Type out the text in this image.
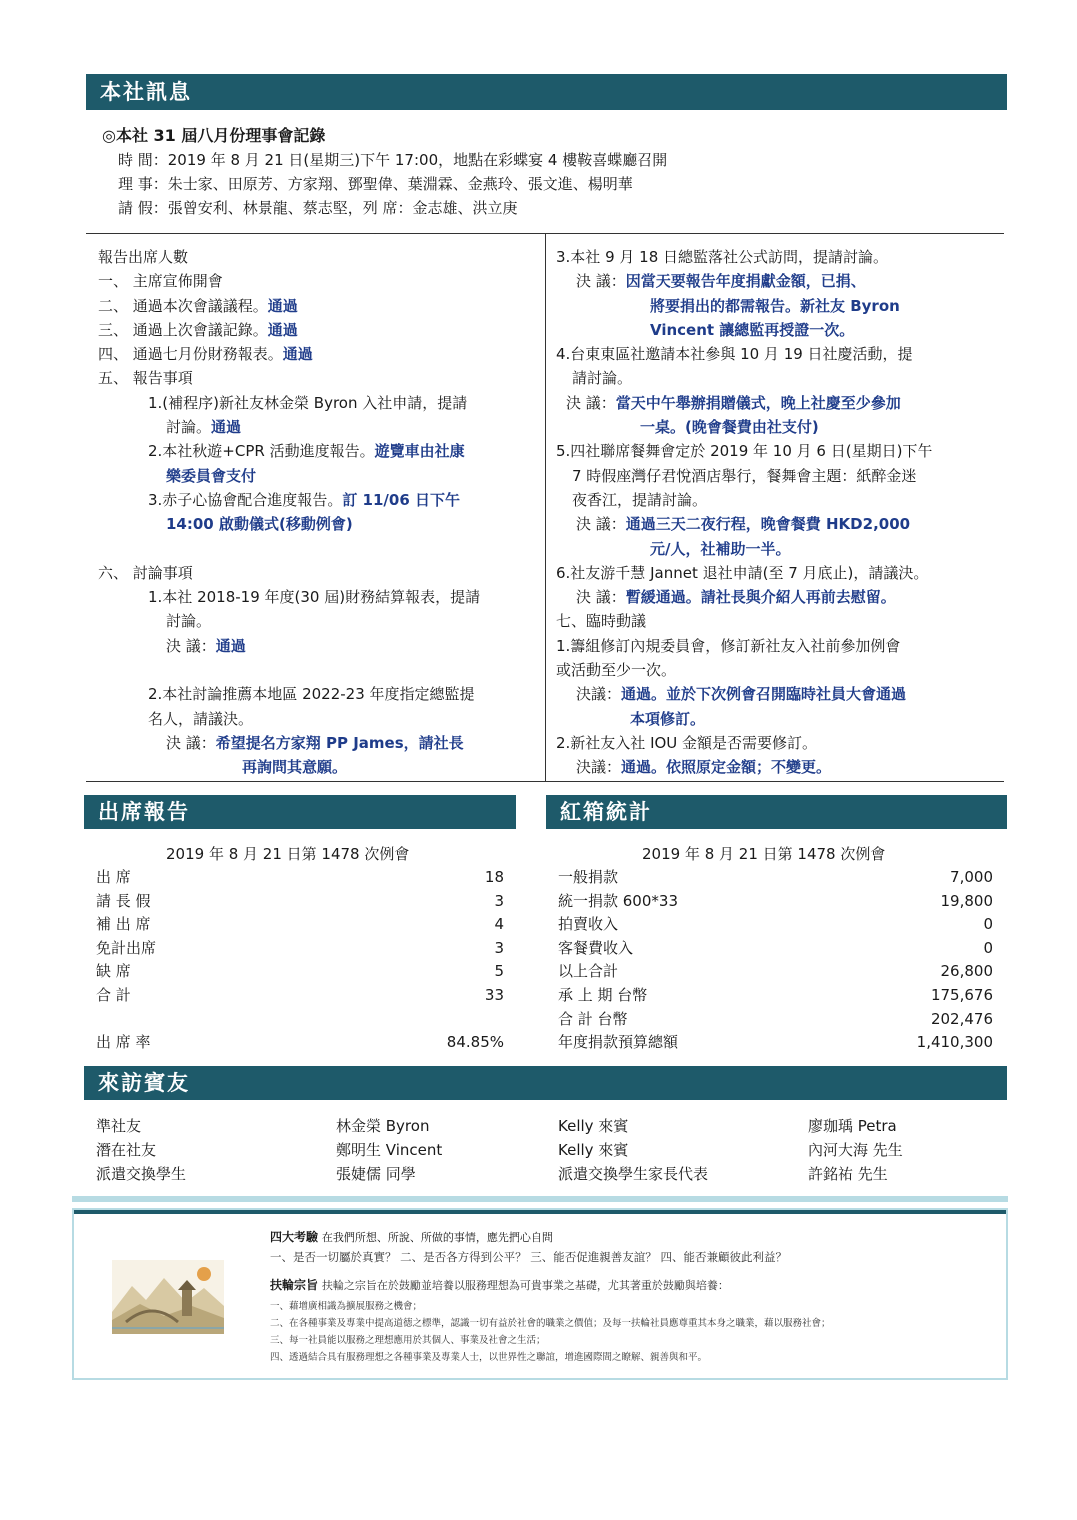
本社訊息
◎本社 31 屆八月份理事會記錄
時 間：2019 年 8 月 21 日(星期三)下午 17:00，地點在彩蝶宴 4 樓鞍喜蝶廳召開
理 事：朱士家、田原芳、方家翔、鄧聖偉、葉淵霖、金燕玲、張文進、楊明華
請 假：張曾安利、林景龍、蔡志堅，列 席：金志雄、洪立庚
報告出席人數
一、 主席宣佈開會
二、 通過本次會議議程。通過
三、 通過上次會議記錄。通過
四、 通過七月份財務報表。通過
五、 報告事項
1.(補程序)新社友林金榮 Byron 入社申請，提請
討論。通過
2.本社秋遊+CPR 活動進度報告。遊覽車由社康
樂委員會支付
3.赤子心協會配合進度報告。訂 11/06 日下午
14:00 啟動儀式(移動例會)

六、 討論事項
1.本社 2018-19 年度(30 屆)財務結算報表，提請
討論。
決 議：通過

2.本社討論推薦本地區 2022-23 年度指定總監提
名人，請議決。
決 議：希望提名方家翔 PP James，請社長
再詢問其意願。
3.本社 9 月 18 日總監落社公式訪問，提請討論。
決 議：因當天要報告年度捐獻金額，已捐、
將要捐出的都需報告。新社友 Byron
Vincent 讓總監再授證一次。
4.台東東區社邀請本社參與 10 月 19 日社慶活動，提
請討論。
決 議：當天中午舉辦捐贈儀式，晚上社慶至少參加
一桌。(晚會餐費由社支付)
5.四社聯席餐舞會定於 2019 年 10 月 6 日(星期日)下午
7 時假座灣仔君悅酒店舉行，餐舞會主題：紙醉金迷
夜香江，提請討論。
決 議：通過三天二夜行程，晚會餐費 HKD2,000
元/人，社補助一半。
6.社友游千慧 Jannet 退社申請(至 7 月底止)，請議決。
決 議：暫緩通過。請社長與介紹人再前去慰留。
七、臨時動議
1.籌組修訂內規委員會，修訂新社友入社前參加例會
或活動至少一次。
決議：通過。並於下次例會召開臨時社員大會通過
本項修訂。
2.新社友入社 IOU 金額是否需要修訂。
決議：通過。依照原定金額；不變更。
出席報告
2019 年 8 月 21 日第 1478 次例會
出 席	18
請 長 假	3
補 出 席	4
免計出席	3
缺 席	5
合 計	33

出 席 率	84.85%
紅箱統計
2019 年 8 月 21 日第 1478 次例會
一般捐款	7,000
統一捐款 600*33	19,800
拍賣收入	0
客餐費收入	0
以上合計	26,800
承 上 期 台幣	175,676
合 計 台幣	202,476
年度捐款預算總額	1,410,300
來訪賓友
準社友	林金榮 Byron	Kelly 來賓	廖珈瑀 Petra
潛在社友	鄭明生 Vincent	Kelly 來賓	內河大海 先生
派遣交換學生	張婕儒 同學	派遣交換學生家長代表	許銘祐 先生
四大考驗 在我們所想、所說、所做的事情，應先捫心自問
一、是否一切屬於真實？ 二、是否各方得到公平？ 三、能否促進親善友誼？ 四、能否兼顧彼此利益？
扶輪宗旨 扶輪之宗旨在於鼓勵並培養以服務理想為可貴事業之基礎，尤其著重於鼓勵與培養：
一、藉增廣相識為擴展服務之機會；
二、在各種事業及專業中提高道德之標準，認識一切有益於社會的職業之價值；及每一扶輪社員應尊重其本身之職業，藉以服務社會；
三、每一社員能以服務之理想應用於其個人、事業及社會之生活；
四、透過結合具有服務理想之各種事業及專業人士，以世界性之聯誼，增進國際間之瞭解、親善與和平。
